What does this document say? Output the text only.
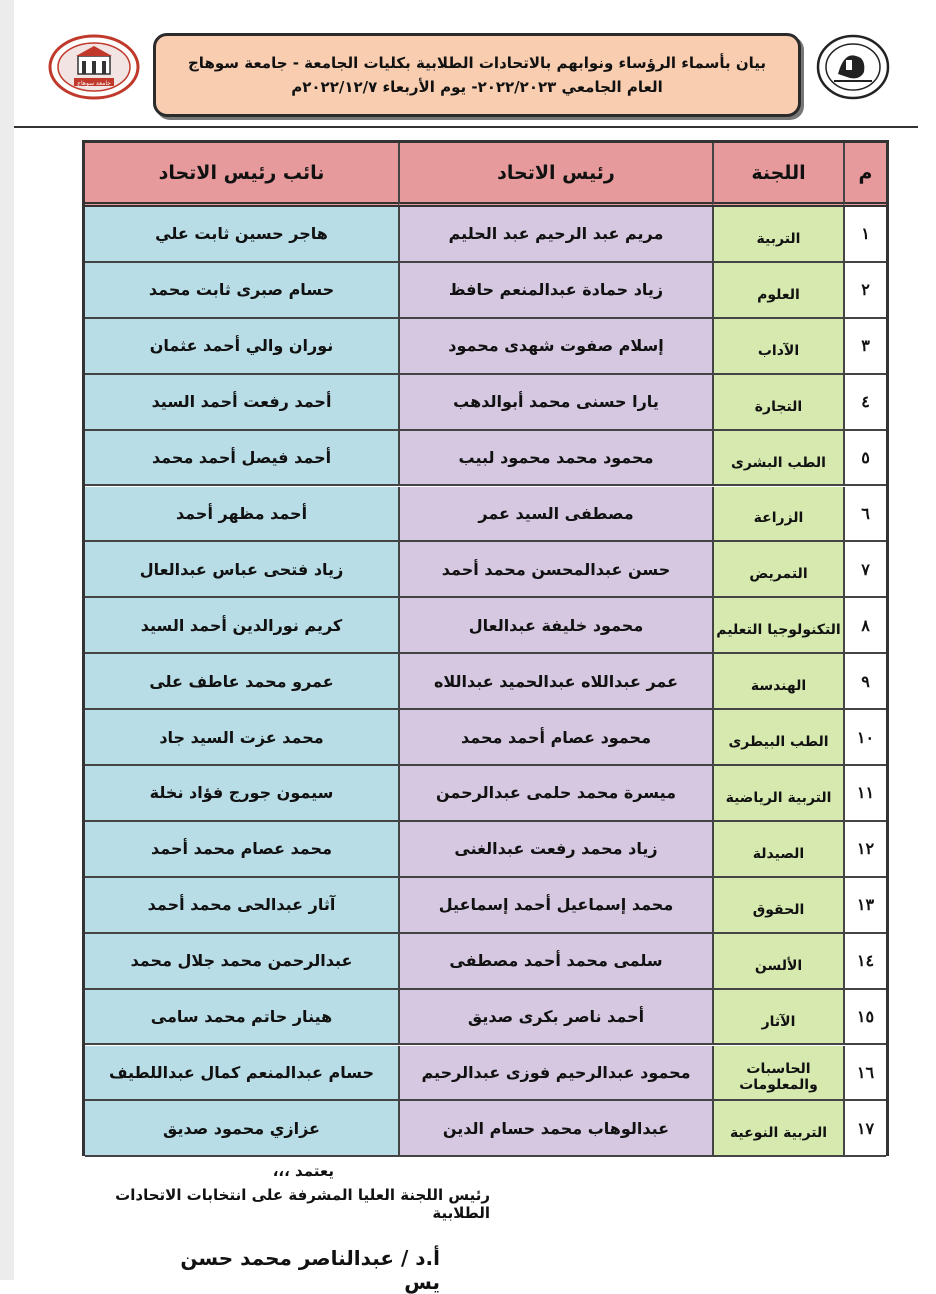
جامعة سوهاج
بيان بأسماء الرؤساء ونوابهم بالاتحادات الطلابية بكليات الجامعة - جامعة سوهاج
العام الجامعي ٢٠٢٢/٢٠٢٣- يوم الأربعاء ٢٠٢٢/١٢/٧م
م
اللجنة
رئيس الاتحاد
نائب رئيس الاتحاد
١
التربية
مريم عبد الرحيم عبد الحليم
هاجر حسين ثابت علي
٢
العلوم
زياد حمادة عبدالمنعم حافظ
حسام صبرى ثابت محمد
٣
الآداب
إسلام صفوت شهدى محمود
نوران والي أحمد عثمان
٤
التجارة
يارا حسنى محمد أبوالدهب
أحمد رفعت أحمد السيد
٥
الطب البشرى
محمود محمد محمود لبيب
أحمد فيصل أحمد محمد
٦
الزراعة
مصطفى السيد عمر
أحمد مظهر أحمد
٧
التمريض
حسن عبدالمحسن محمد أحمد
زياد فتحى عباس عبدالعال
٨
التكنولوجيا التعليم
محمود خليفة عبدالعال
كريم نورالدين أحمد السيد
٩
الهندسة
عمر عبداللاه عبدالحميد عبداللاه
عمرو محمد عاطف على
١٠
الطب البيطرى
محمود عصام أحمد محمد
محمد عزت السيد جاد
١١
التربية الرياضية
ميسرة محمد حلمى عبدالرحمن
سيمون جورج فؤاد نخلة
١٢
الصيدلة
زياد محمد رفعت عبدالغنى
محمد عصام محمد أحمد
١٣
الحقوق
محمد إسماعيل أحمد إسماعيل
آثار عبدالحى محمد أحمد
١٤
الألسن
سلمى محمد أحمد مصطفى
عبدالرحمن محمد جلال محمد
١٥
الآثار
أحمد ناصر بكرى صديق
هينار حاتم محمد سامى
١٦
الحاسبات والمعلومات
محمود عبدالرحيم فوزى عبدالرحيم
حسام عبدالمنعم كمال عبداللطيف
١٧
التربية النوعية
عبدالوهاب محمد حسام الدين
عزازي محمود صديق
يعتمد ،،،
رئيس اللجنة العليا المشرفة على انتخابات الاتحادات الطلابية
أ.د / عبدالناصر محمد حسن يس
